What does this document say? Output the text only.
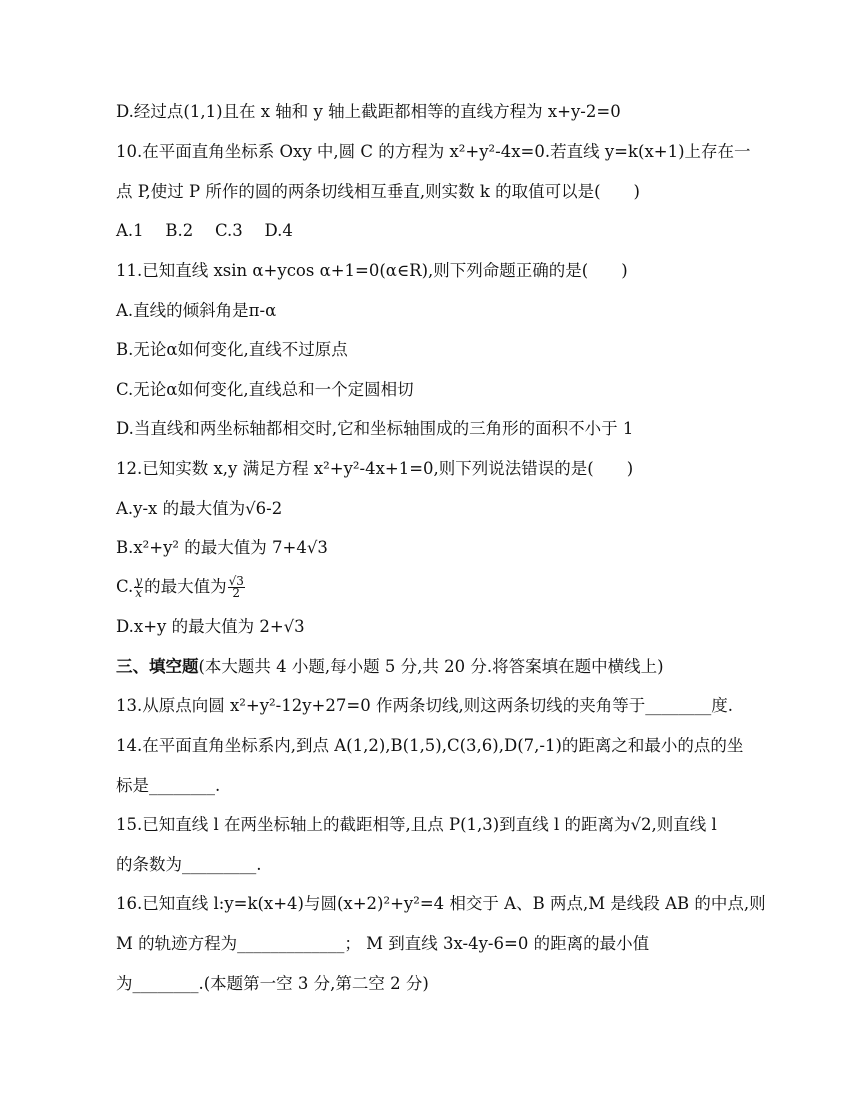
D.经过点(1,1)且在 x 轴和 y 轴上截距都相等的直线方程为 x+y-2=0
10.在平面直角坐标系 Oxy 中,圆 C 的方程为 x²+y²-4x=0.若直线 y=k(x+1)上存在一
点 P,使过 P 所作的圆的两条切线相互垂直,则实数 k 的取值可以是(　　)
A.1　 B.2　 C.3　 D.4
11.已知直线 xsin α+ycos α+1=0(α∈R),则下列命题正确的是(　　)
A.直线的倾斜角是π-α
B.无论α如何变化,直线不过原点
C.无论α如何变化,直线总和一个定圆相切
D.当直线和两坐标轴都相交时,它和坐标轴围成的三角形的面积不小于 1
12.已知实数 x,y 满足方程 x²+y²-4x+1=0,则下列说法错误的是(　　)
A.y-x 的最大值为√6-2
B.x²+y² 的最大值为 7+4√3
C. $\frac{y}{x}$ 的最大值为 $\frac{√3}{2}$
D.x+y 的最大值为 2+√3
三、填空题(本大题共 4 小题,每小题 5 分,共 20 分.将答案填在题中横线上)
13.从原点向圆 x²+y²-12y+27=0 作两条切线,则这两条切线的夹角等于________度.
14.在平面直角坐标系内,到点 A(1,2),B(1,5),C(3,6),D(7,-1)的距离之和最小的点的坐
标是________.
15.已知直线 l 在两坐标轴上的截距相等,且点 P(1,3)到直线 l 的距离为√2,则直线 l
的条数为_________.
16.已知直线 l:y=k(x+4)与圆(x+2)²+y²=4 相交于 A、B 两点,M 是线段 AB 的中点,则
M 的轨迹方程为_____________； M 到直线 3x-4y-6=0 的距离的最小值
为________.(本题第一空 3 分,第二空 2 分)
